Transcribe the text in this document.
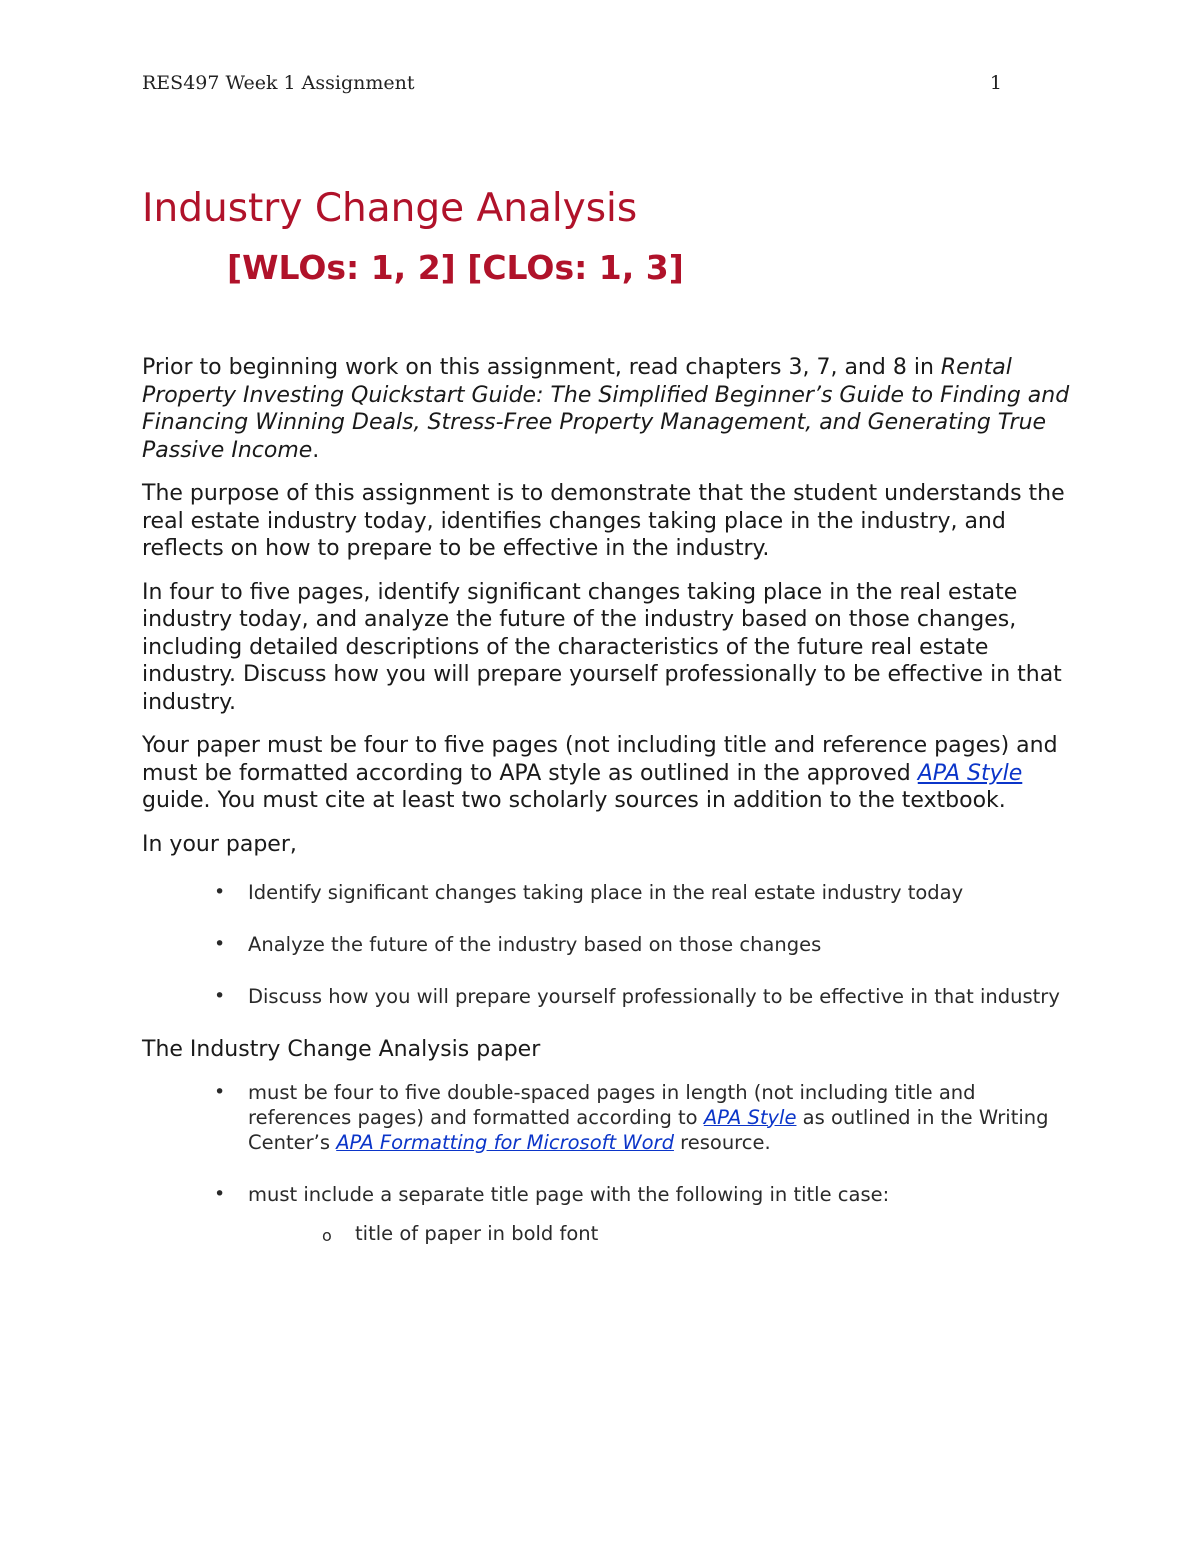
RES497 Week 1 Assignment	1
Industry Change Analysis
[WLOs: 1, 2] [CLOs: 1, 3]

Prior to beginning work on this assignment, read chapters 3, 7, and 8 in Rental Property Investing Quickstart Guide: The Simplified Beginner’s Guide to Finding and Financing Winning Deals, Stress-Free Property Management, and Generating True Passive Income.

The purpose of this assignment is to demonstrate that the student understands the real estate industry today, identifies changes taking place in the industry, and reflects on how to prepare to be effective in the industry.

In four to five pages, identify significant changes taking place in the real estate industry today, and analyze the future of the industry based on those changes, including detailed descriptions of the characteristics of the future real estate industry. Discuss how you will prepare yourself professionally to be effective in that industry.

Your paper must be four to five pages (not including title and reference pages) and must be formatted according to APA style as outlined in the approved APA Style guide. You must cite at least two scholarly sources in addition to the textbook.

In your paper,

• Identify significant changes taking place in the real estate industry today
• Analyze the future of the industry based on those changes
• Discuss how you will prepare yourself professionally to be effective in that industry

The Industry Change Analysis paper

• must be four to five double-spaced pages in length (not including title and references pages) and formatted according to APA Style as outlined in the Writing Center’s APA Formatting for Microsoft Word resource.
• must include a separate title page with the following in title case:
o title of paper in bold font
